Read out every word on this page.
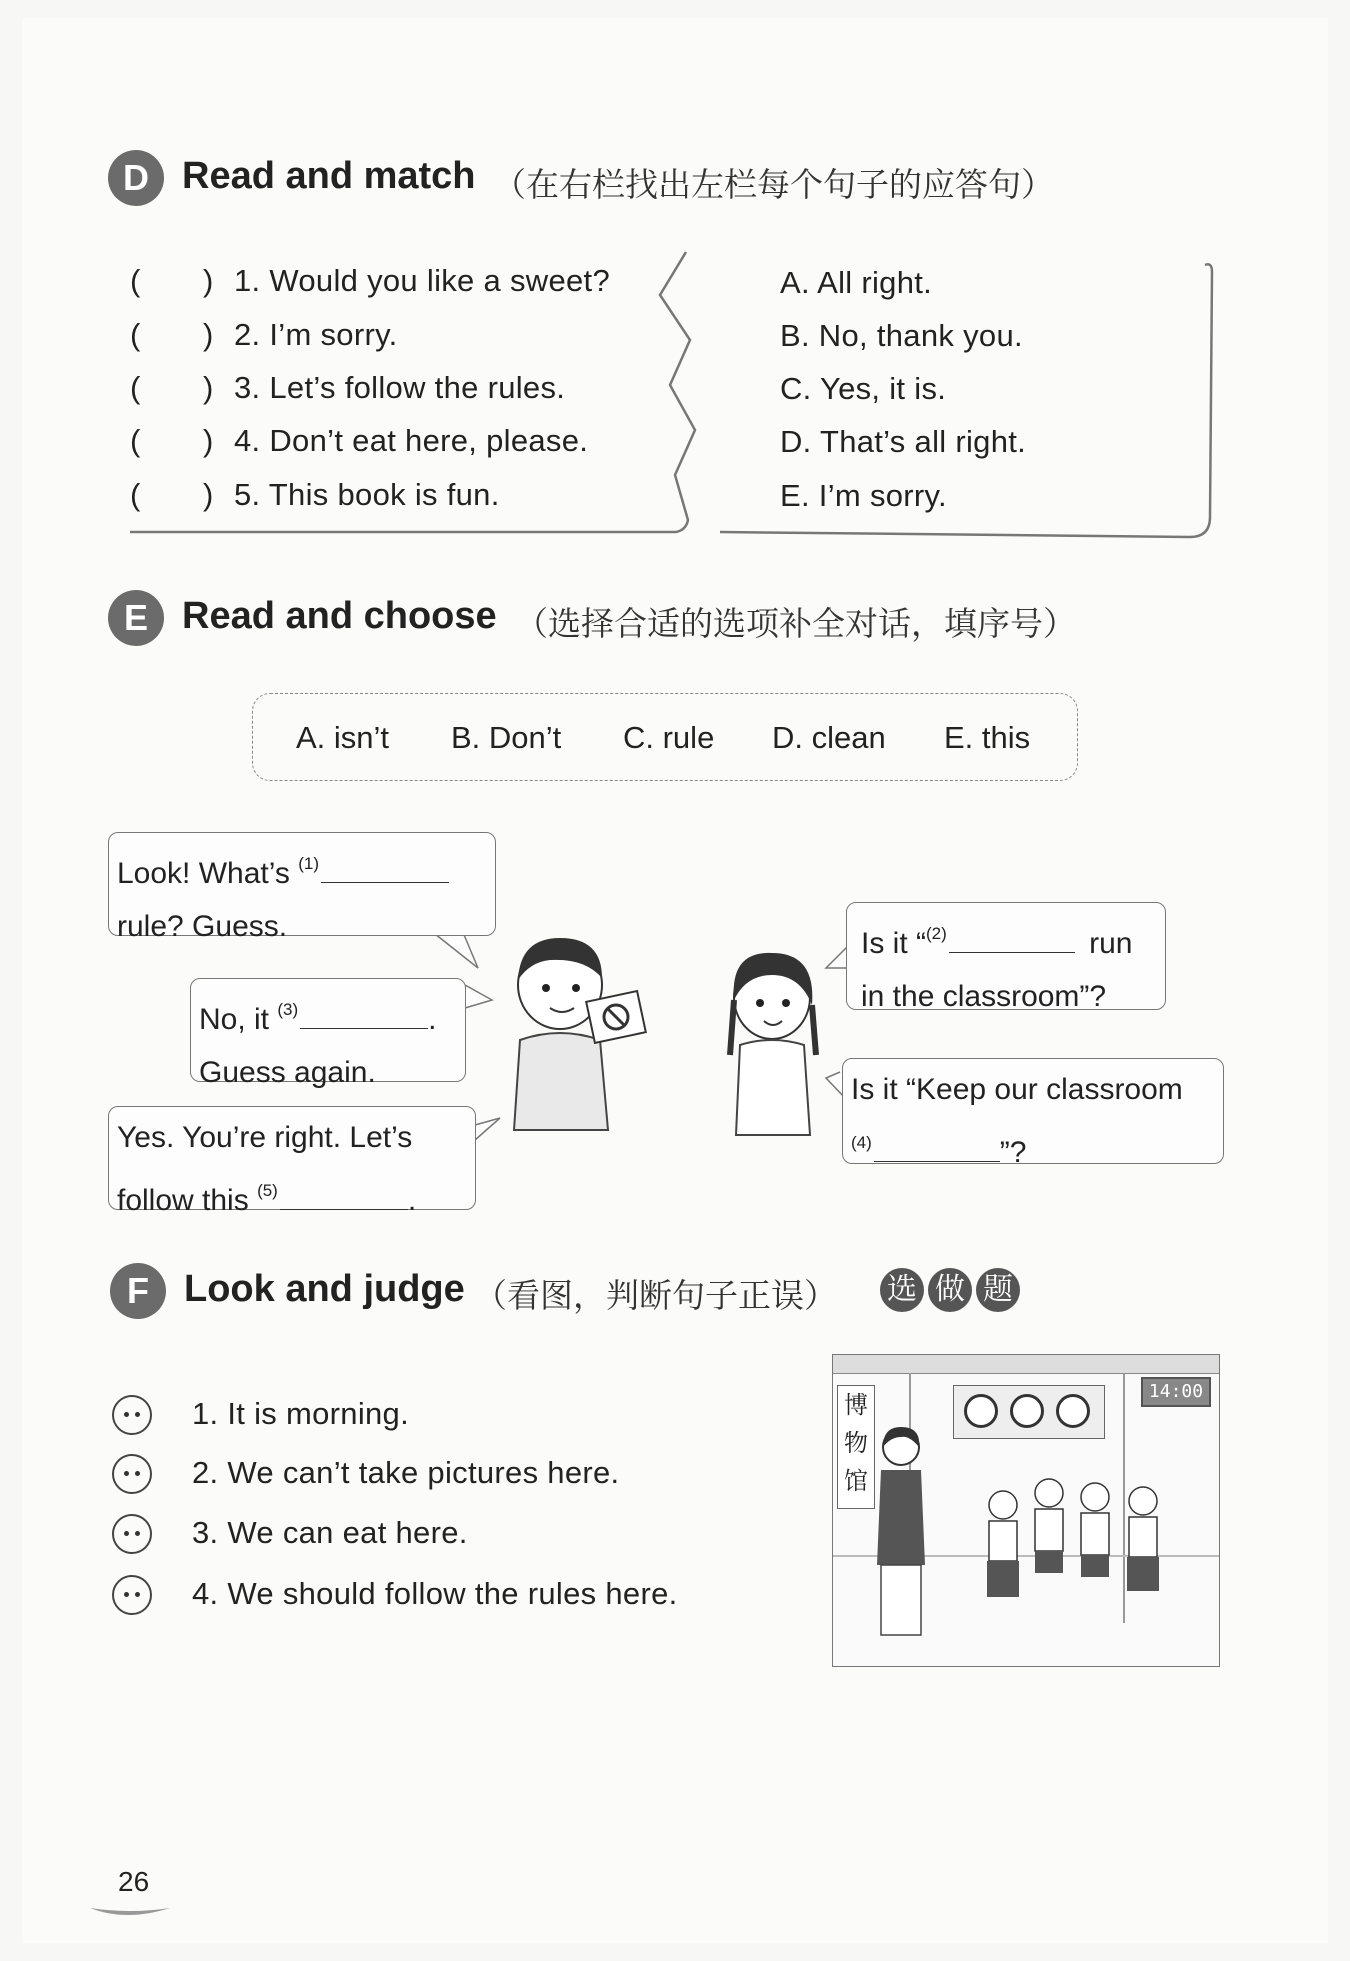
D Read and match （在右栏找出左栏每个句子的应答句）
( ) 1. Would you like a sweet?
( ) 2. I’m sorry.
( ) 3. Let’s follow the rules.
( ) 4. Don’t eat here, please.
( ) 5. This book is fun.
A. All right.
B. No, thank you.
C. Yes, it is.
D. That’s all right.
E. I’m sorry.
E Read and choose （选择合适的选项补全对话，填序号）
A. isn’t B. Don’t C. rule D. clean E. this
Look! What’s $^{(1)}$
rule? Guess.
Is it “$^{(2)}$	run
in the classroom”?
No, it $^{(3)}$	.
Guess again.
Is it “Keep our classroom
$^{(4)}$	”?
Yes. You’re right. Let’s
follow this $^{(5)}$	.
F Look and judge （看图，判断句子正误）	选 做 题
1. It is morning.
2. We can’t take pictures here.
3. We can eat here.
4. We should follow the rules here.
博
物
馆
14:00
26
